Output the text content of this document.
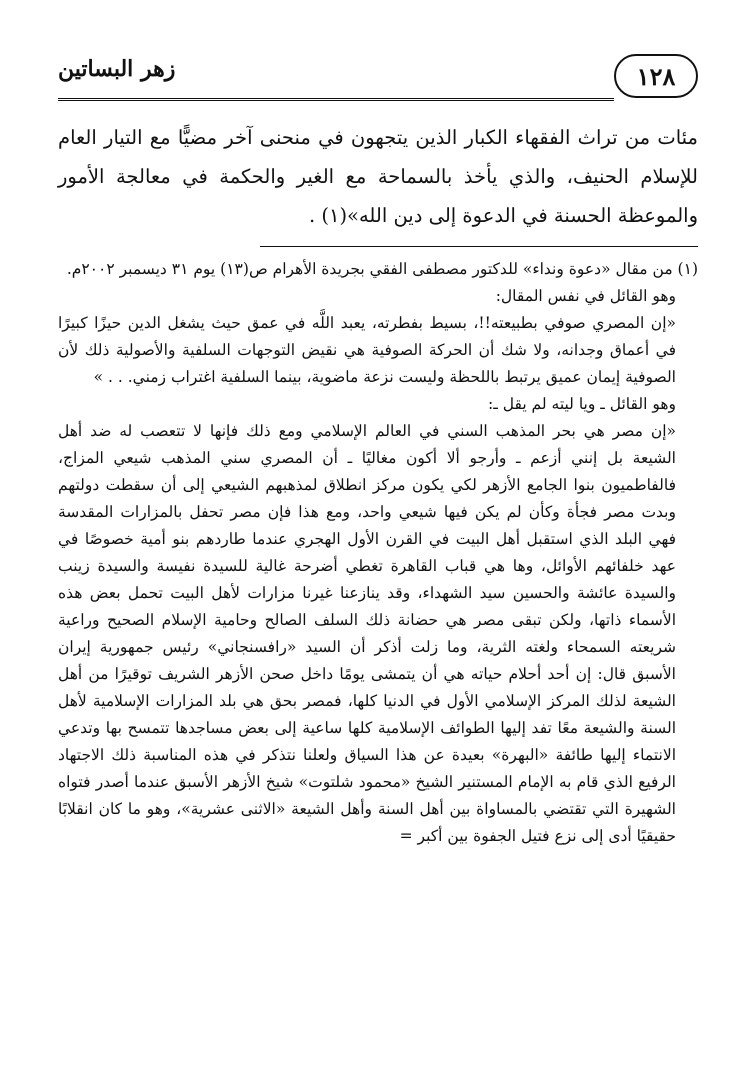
١٢٨
زهر البساتين

مئات من تراث الفقهاء الكبار الذين يتجهون في منحنى آخر مضيًّا مع التيار العام للإسلام الحنيف، والذي يأخذ بالسماحة مع الغير والحكمة في معالجة الأمور والموعظة الحسنة في الدعوة إلى دين الله»(١) .

(١) من مقال «دعوة ونداء» للدكتور مصطفى الفقي بجريدة الأهرام ص(١٣) يوم ٣١ ديسمبر ٢٠٠٢م.

وهو القائل في نفس المقال:

«إن المصري صوفي بطبيعته!!، بسيط بفطرته، يعبد اللَّه في عمق حيث يشغل الدين حيزًا كبيرًا في أعماق وجدانه، ولا شك أن الحركة الصوفية هي نقيض التوجهات السلفية والأصولية ذلك لأن الصوفية إيمان عميق يرتبط باللحظة وليست نزعة ماضوية، بينما السلفية اغتراب زمني. . . »

وهو القائل ـ ويا ليته لم يقل ـ:

«إن مصر هي بحر المذهب السني في العالم الإسلامي ومع ذلك فإنها لا تتعصب له ضد أهل الشيعة بل إنني أزعم ـ وأرجو ألا أكون مغاليًا ـ أن المصري سني المذهب شيعي المزاج، فالفاطميون بنوا الجامع الأزهر لكي يكون مركز انطلاق لمذهبهم الشيعي إلى أن سقطت دولتهم وبدت مصر فجأة وكأن لم يكن فيها شيعي واحد، ومع هذا فإن مصر تحفل بالمزارات المقدسة فهي البلد الذي استقبل أهل البيت في القرن الأول الهجري عندما طاردهم بنو أمية خصوصًا في عهد خلفائهم الأوائل، وها هي قباب القاهرة تغطي أضرحة غالية للسيدة نفيسة والسيدة زينب والسيدة عائشة والحسين سيد الشهداء، وقد ينازعنا غيرنا مزارات لأهل البيت تحمل بعض هذه الأسماء ذاتها، ولكن تبقى مصر هي حضانة ذلك السلف الصالح وحامية الإسلام الصحيح وراعية شريعته السمحاء ولغته الثرية، وما زلت أذكر أن السيد «رافسنجاني» رئيس جمهورية إيران الأسبق قال: إن أحد أحلام حياته هي أن يتمشى يومًا داخل صحن الأزهر الشريف توقيرًا من أهل الشيعة لذلك المركز الإسلامي الأول في الدنيا كلها، فمصر بحق هي بلد المزارات الإسلامية لأهل السنة والشيعة معًا تفد إليها الطوائف الإسلامية كلها ساعية إلى بعض مساجدها تتمسح بها وتدعي الانتماء إليها طائفة «البهرة» بعيدة عن هذا السياق ولعلنا نتذكر في هذه المناسبة ذلك الاجتهاد الرفيع الذي قام به الإمام المستنير الشيخ «محمود شلتوت» شيخ الأزهر الأسبق عندما أصدر فتواه الشهيرة التي تقتضي بالمساواة بين أهل السنة وأهل الشيعة «الاثنى عشرية»، وهو ما كان انقلابًا حقيقيًا أدى إلى نزع فتيل الجفوة بين أكبر =
